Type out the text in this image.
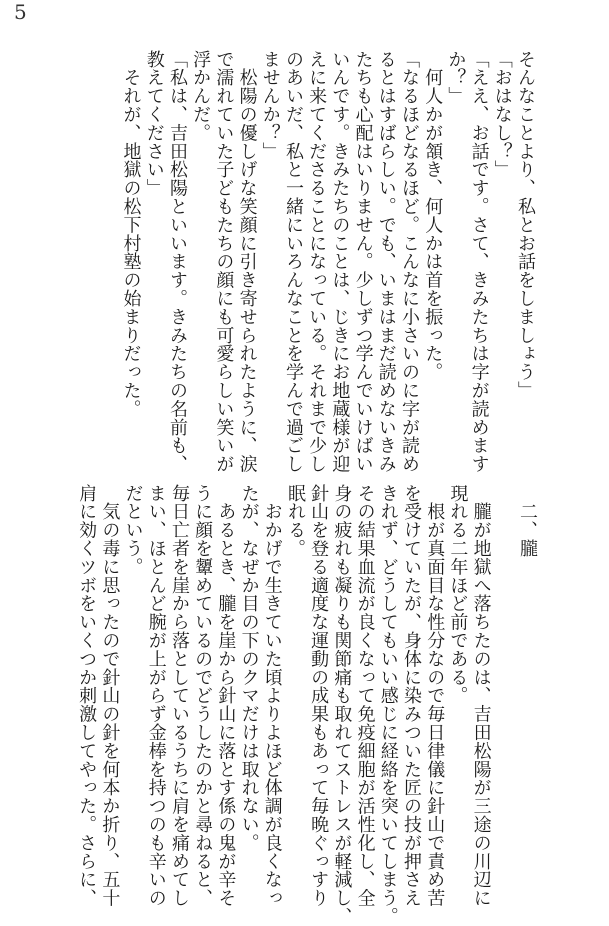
5
そんなことより、私とお話をしましょう」
「おはなし？」
「ええ、お話です。さて、きみたちは字が読めます
か？」
　何人かが頷き、何人かは首を振った。
「なるほどなるほど。こんなに小さいのに字が読め
るとはすばらしい。でも、いまはまだ読めないきみ
たちも心配はいりません。少しずつ学んでいけばい
いんです。きみたちのことは、じきにお地蔵様が迎
えに来てくださることになっている。それまで少し
のあいだ、私と一緒にいろんなことを学んで過ごし
ませんか？」
　松陽の優しげな笑顔に引き寄せられたように、涙
で濡れていた子どもたちの顔にも可愛らしい笑いが
浮かんだ。
「私は、吉田松陽といいます。きみたちの名前も、
教えてください」
　それが、地獄の松下村塾の始まりだった。
　二、朧
　朧が地獄へ落ちたのは、吉田松陽が三途の川辺に
現れる二年ほど前である。
　根が真面目な性分なので毎日律儀に針山で責め苦
を受けていたが、身体に染みついた匠の技が押さえ
きれず、どうしてもいい感じに経絡を突いてしまう。
その結果血流が良くなって免疫細胞が活性化し、全
身の疲れも凝りも関節痛も取れてストレスが軽減し、
針山を登る適度な運動の成果もあって毎晩ぐっすり
眠れる。
　おかげで生きていた頃よりよほど体調が良くなっ
たが、なぜか目の下のクマだけは取れない。
　あるとき、朧を崖から針山に落とす係の鬼が辛そ
うに顔を顰めているのでどうしたのかと尋ねると、
毎日亡者を崖から落としているうちに肩を痛めてし
まい、ほとんど腕が上がらず金棒を持つのも辛いの
だという。
　気の毒に思ったので針山の針を何本か折り、五十
肩に効くツボをいくつか刺激してやった。さらに、
